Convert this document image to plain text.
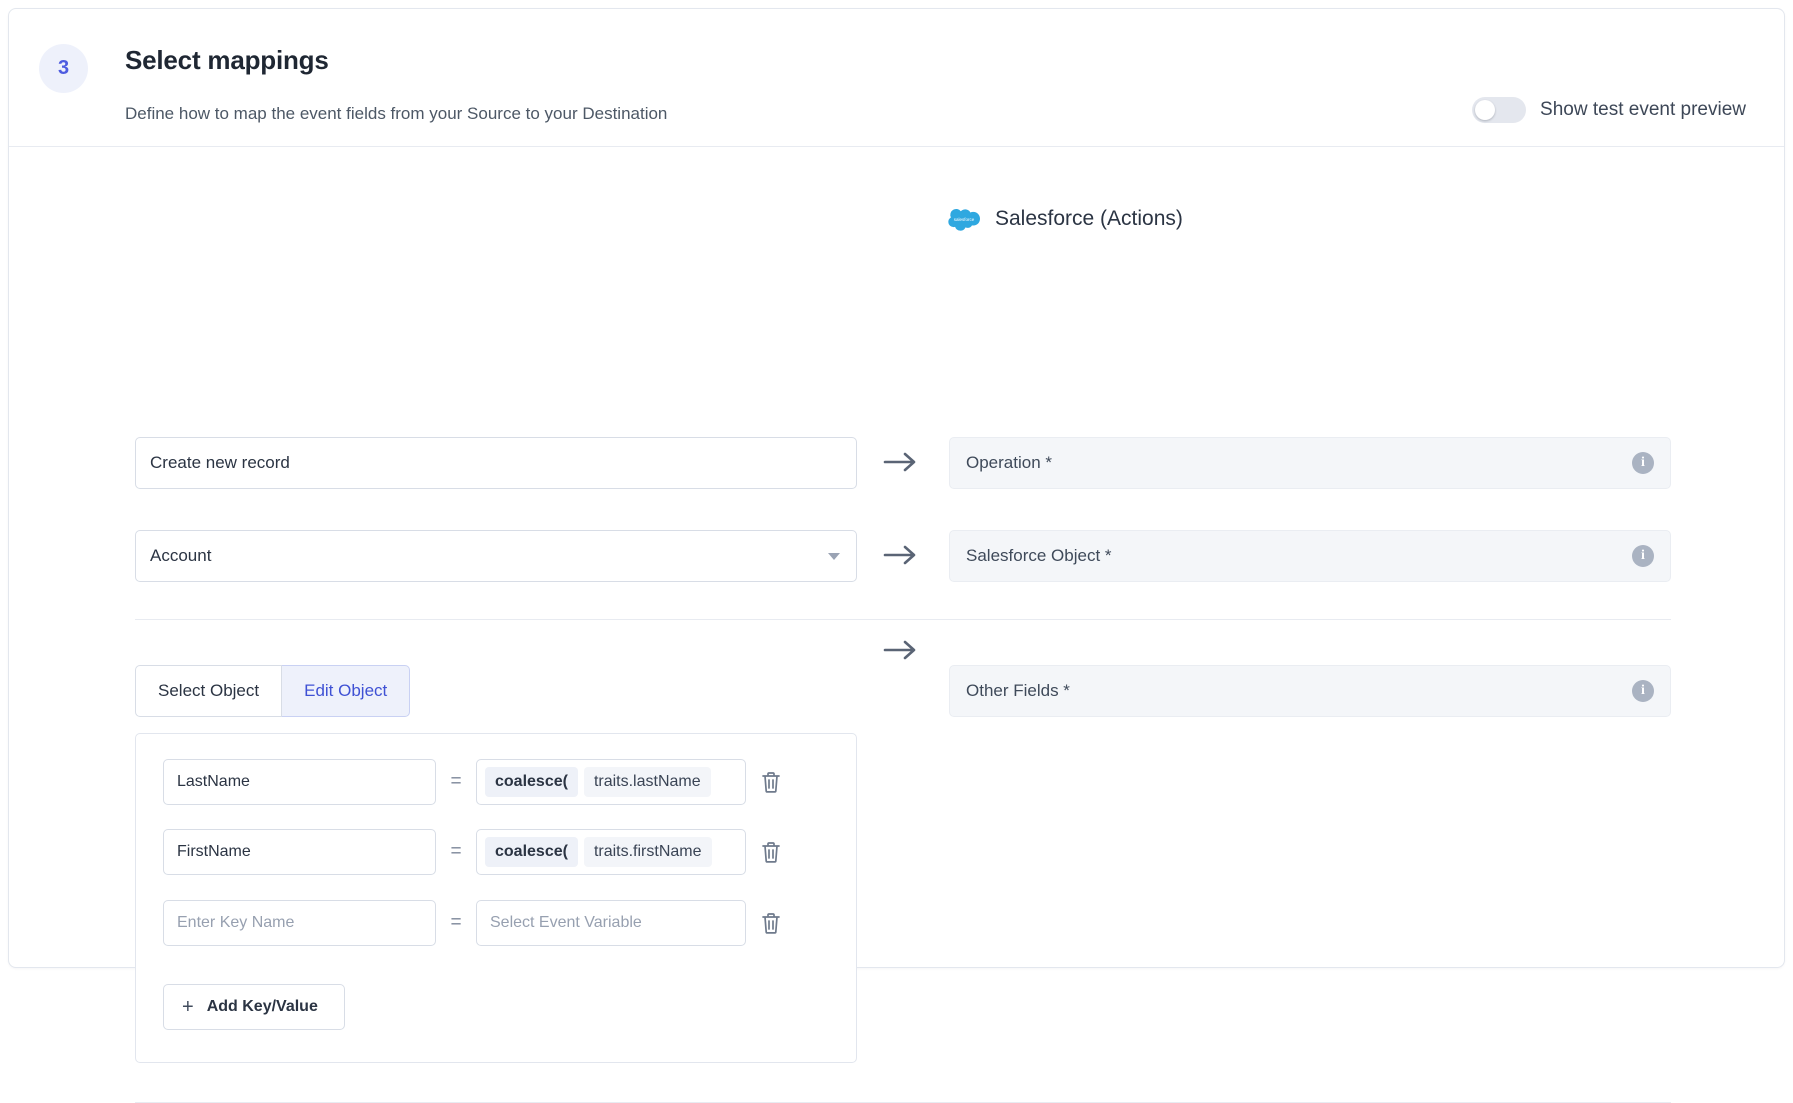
3	Select mappings
Define how to map the event fields from your Source to your Destination	Show test event preview
salesforce Salesforce (Actions)
Create new record	Operation *	i
Account	Salesforce Object *	i
Select Object	Edit Object	Other Fields *	i
LastName	=	coalesce(	traits.lastName
FirstName	=	coalesce(	traits.firstName
Enter Key Name	=	Select Event Variable
+ Add Key/Value
